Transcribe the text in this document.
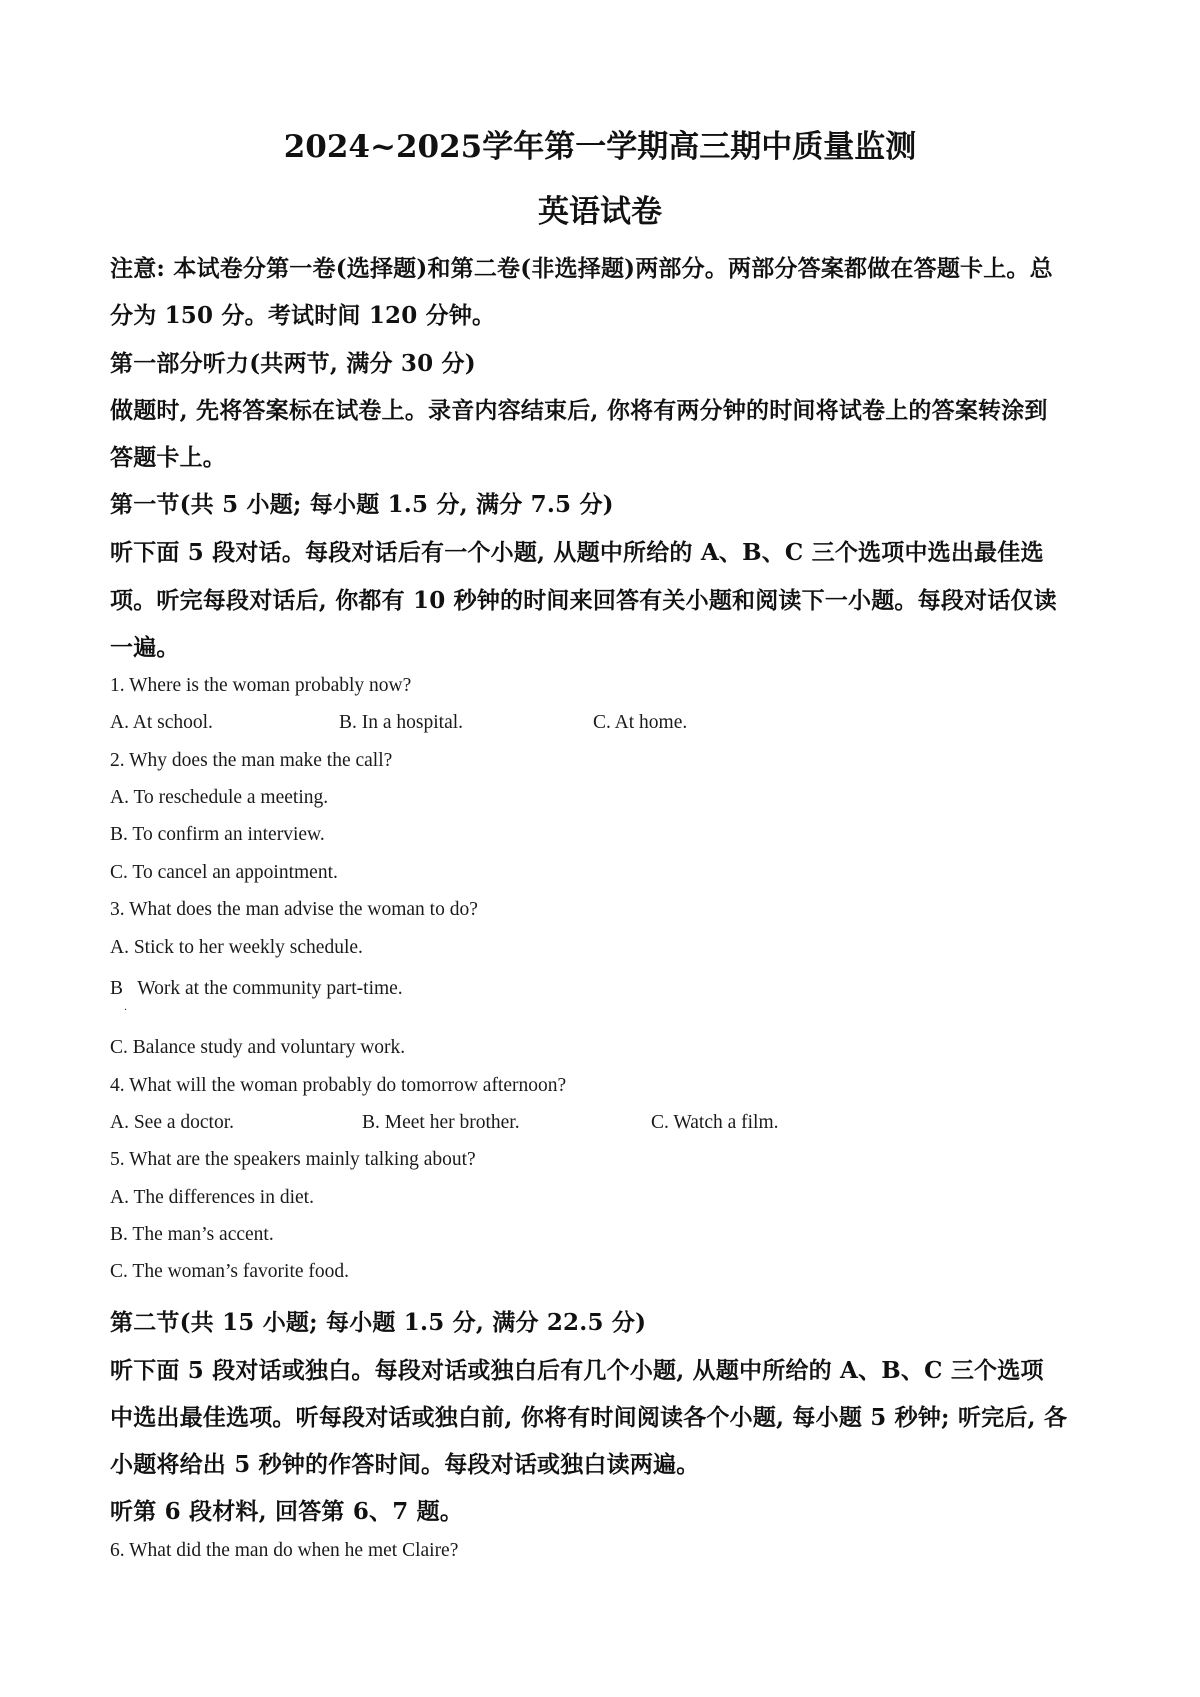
2024~2025学年第一学期高三期中质量监测
英语试卷
注意: 本试卷分第一卷(选择题)和第二卷(非选择题)两部分。两部分答案都做在答题卡上。总
分为 150 分。考试时间 120 分钟。
第一部分听力(共两节, 满分 30 分)
做题时, 先将答案标在试卷上。录音内容结束后, 你将有两分钟的时间将试卷上的答案转涂到
答题卡上。
第一节(共 5 小题; 每小题 1.5 分, 满分 7.5 分)
听下面 5 段对话。每段对话后有一个小题, 从题中所给的 A、B、C 三个选项中选出最佳选
项。听完每段对话后, 你都有 10 秒钟的时间来回答有关小题和阅读下一小题。每段对话仅读
一遍。
1. Where is the woman probably now?
A. At school.	B. In a hospital.	C. At home.
2. Why does the man make the call?
A. To reschedule a meeting.
B. To confirm an interview.
C. To cancel an appointment.
3. What does the man advise the woman to do?
A. Stick to her weekly schedule.
B   Work at the community part-time.
.
C. Balance study and voluntary work.
4. What will the woman probably do tomorrow afternoon?
A. See a doctor.	B. Meet her brother.	C. Watch a film.
5. What are the speakers mainly talking about?
A. The differences in diet.
B. The man’s accent.
C. The woman’s favorite food.
第二节(共 15 小题; 每小题 1.5 分, 满分 22.5 分)
听下面 5 段对话或独白。每段对话或独白后有几个小题, 从题中所给的 A、B、C 三个选项
中选出最佳选项。听每段对话或独白前, 你将有时间阅读各个小题, 每小题 5 秒钟; 听完后, 各
小题将给出 5 秒钟的作答时间。每段对话或独白读两遍。
听第 6 段材料, 回答第 6、7 题。
6. What did the man do when he met Claire?
